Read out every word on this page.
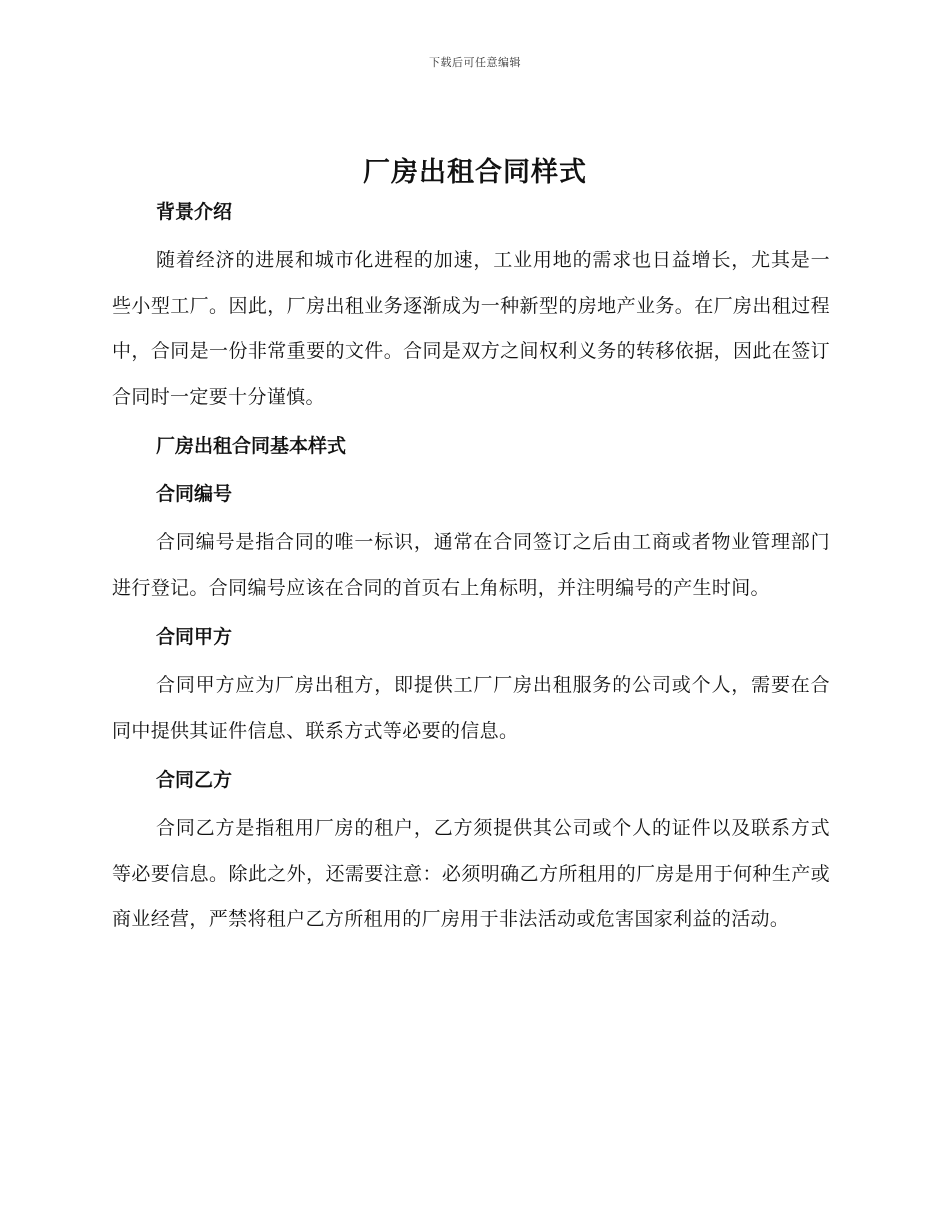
下载后可任意编辑
厂房出租合同样式
背景介绍
随着经济的进展和城市化进程的加速，工业用地的需求也日益增长，尤其是一些小型工厂。因此，厂房出租业务逐渐成为一种新型的房地产业务。在厂房出租过程中，合同是一份非常重要的文件。合同是双方之间权利义务的转移依据，因此在签订合同时一定要十分谨慎。
厂房出租合同基本样式
合同编号
合同编号是指合同的唯一标识，通常在合同签订之后由工商或者物业管理部门进行登记。合同编号应该在合同的首页右上角标明，并注明编号的产生时间。
合同甲方
合同甲方应为厂房出租方，即提供工厂厂房出租服务的公司或个人，需要在合同中提供其证件信息、联系方式等必要的信息。
合同乙方
合同乙方是指租用厂房的租户，乙方须提供其公司或个人的证件以及联系方式等必要信息。除此之外，还需要注意：必须明确乙方所租用的厂房是用于何种生产或商业经营，严禁将租户乙方所租用的厂房用于非法活动或危害国家利益的活动。
